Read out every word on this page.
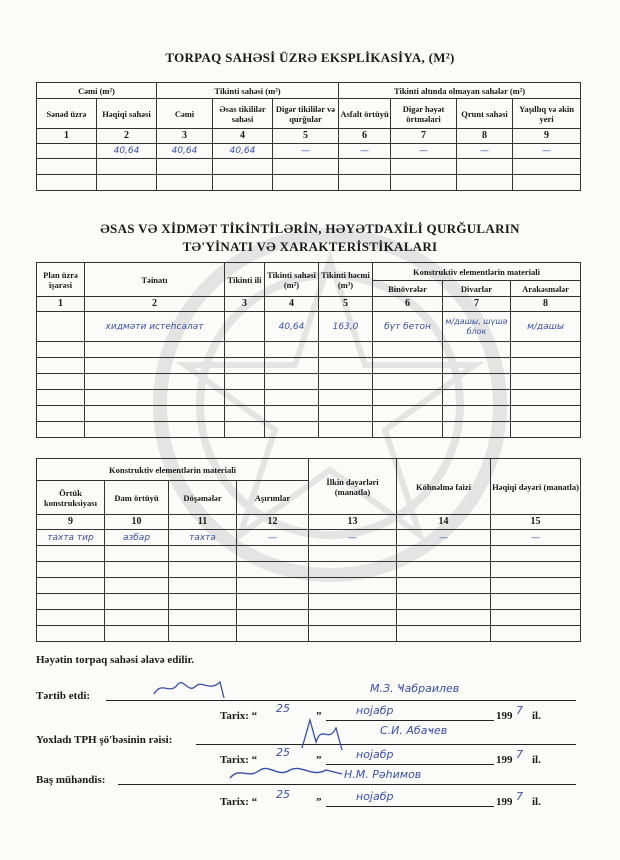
TORPAQ SAHƏSİ ÜZRƏ EKSPLİKASİYA, (M²)
Cəmi (m²)		Tikinti sahəsi (m²)			Tikinti altında olmayan sahələr (m²)			
Sənəd üzrə	Həqiqi sahəsi	Cəmi	Əsas tikililər sahəsi	Digər tikililər və qurğular	Asfalt örtüyü	Digər həyət örtməlari	Qrunt sahəsi	Yaşıllıq və əkin yeri
1	2	3	4	5	6	7	8	9
	40,64	40,64	40,64	—	—	—	—	—

ƏSAS VƏ XİDMƏT TİKİNTİLƏRİN, HƏYƏTDAXİLİ QURĞULARIN
TƏ'YİNATI VƏ XARAKTERİSTİKALARI
Plan üzrə işarəsi	Təinatı	Tikinti ili	Tikinti sahəsi (m²)	Tikinti həcmi (m³)	Konstruktiv elementlərin materiali		
					Binövrələr	Divarlar	Arakəsmələr
1	2	3	4	5	6	7	8
	хидмәти истеһсалат		40,64	163,0	бүт бетон	м/дашы, шүшә блок	м/дашы

Konstruktiv elementlərin materiali				İlkin dəyərləri (manatla)	Köhnəlmə faizi	Həqiqi dəyəri (manatla)
Örtük konstruksiyası	Dam örtüyü	Döşəmələr	Aşırımlar			
9	10	11	12	13	14	15
тахта тир	азбар	тахта	—	—	—	—

Həyətin torpaq sahəsi əlavə edilir.
Tərtib etdi:
М.З. Ҹабраилев
Tarix: “
25
”	нојабр	199 7 il.
Yoxladı TPH şö'bəsinin rəisi:
С.И. Абаҹев
Tarix: “
25
”	нојабр	199 7 il.
Baş mühəndis:	Н.М. Рәһимов
Tarix: “
25
”	нојабр	199 7 il.
